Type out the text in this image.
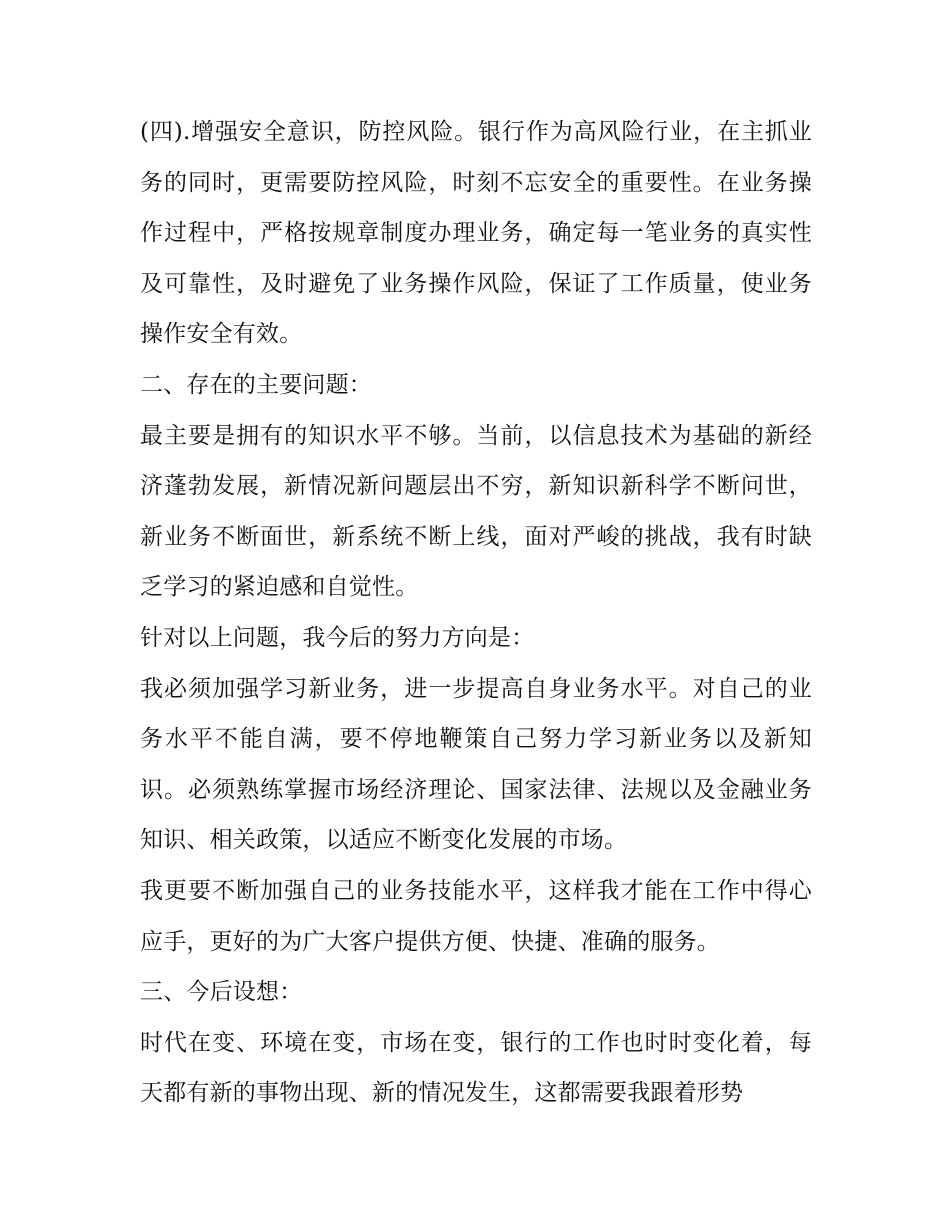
(四).增强安全意识，防控风险。银行作为高风险行业，在主抓业务的同时，更需要防控风险，时刻不忘安全的重要性。在业务操作过程中，严格按规章制度办理业务，确定每一笔业务的真实性及可靠性，及时避免了业务操作风险，保证了工作质量，使业务操作安全有效。

二、存在的主要问题：

最主要是拥有的知识水平不够。当前，以信息技术为基础的新经济蓬勃发展，新情况新问题层出不穷，新知识新科学不断问世，新业务不断面世，新系统不断上线，面对严峻的挑战，我有时缺乏学习的紧迫感和自觉性。

针对以上问题，我今后的努力方向是：

我必须加强学习新业务，进一步提高自身业务水平。对自己的业务水平不能自满，要不停地鞭策自己努力学习新业务以及新知识。必须熟练掌握市场经济理论、国家法律、法规以及金融业务知识、相关政策，以适应不断变化发展的市场。

我更要不断加强自己的业务技能水平，这样我才能在工作中得心应手，更好的为广大客户提供方便、快捷、准确的服务。

三、今后设想：

时代在变、环境在变，市场在变，银行的工作也时时变化着，每天都有新的事物出现、新的情况发生，这都需要我跟着形势
